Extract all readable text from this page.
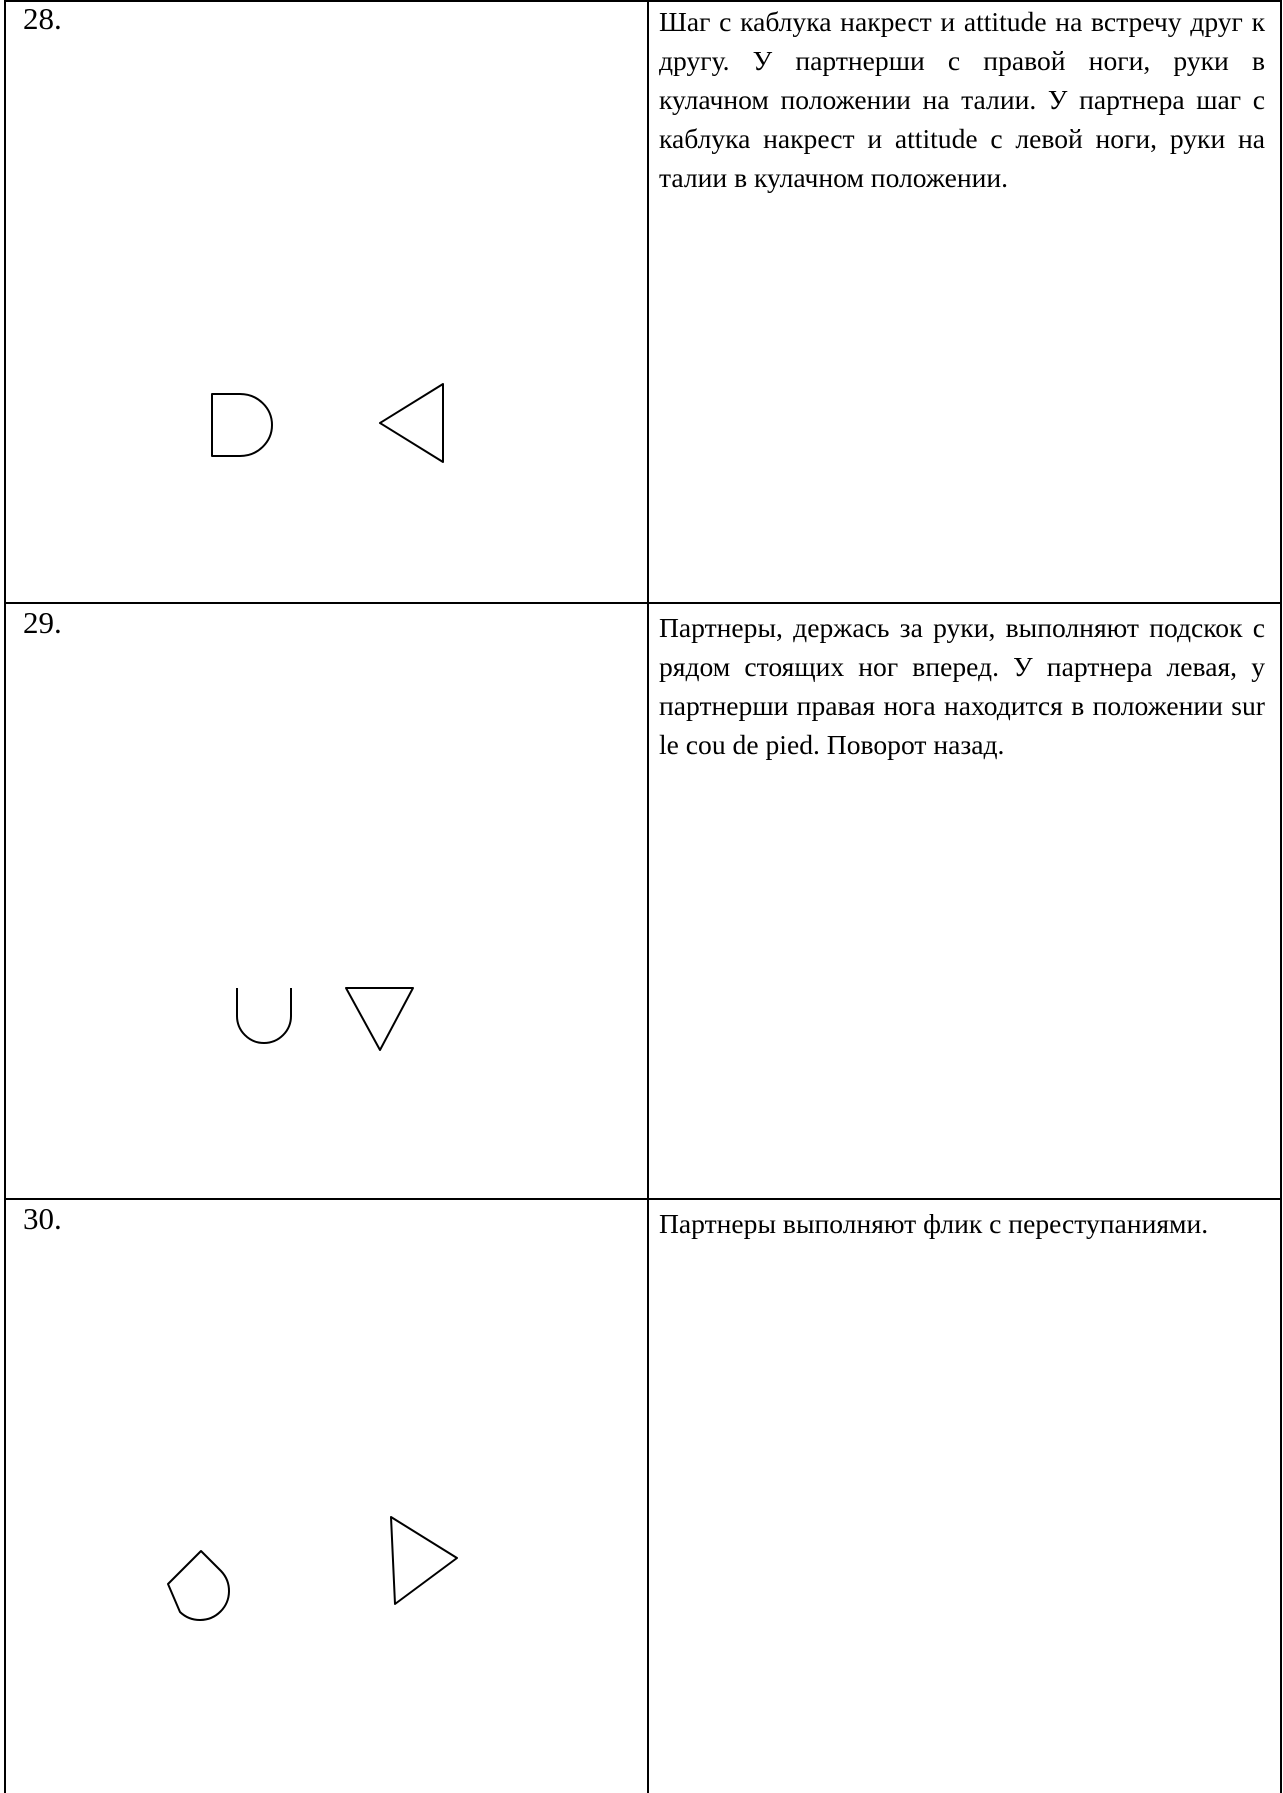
28.	Шаг с каблука накрест и attitude на встречу друг к другу. У партнерши с правой ноги, руки в кулачном положении на талии. У партнера шаг с каблука накрест и attitude с левой ноги, руки на талии в кулачном положении.
29.	Партнеры, держась за руки, выполняют подскок с рядом стоящих ног вперед. У партнера левая, у партнерши правая нога находится в положении sur le cou de pied. Поворот назад.
30.	Партнеры выполняют флик с переступаниями.
